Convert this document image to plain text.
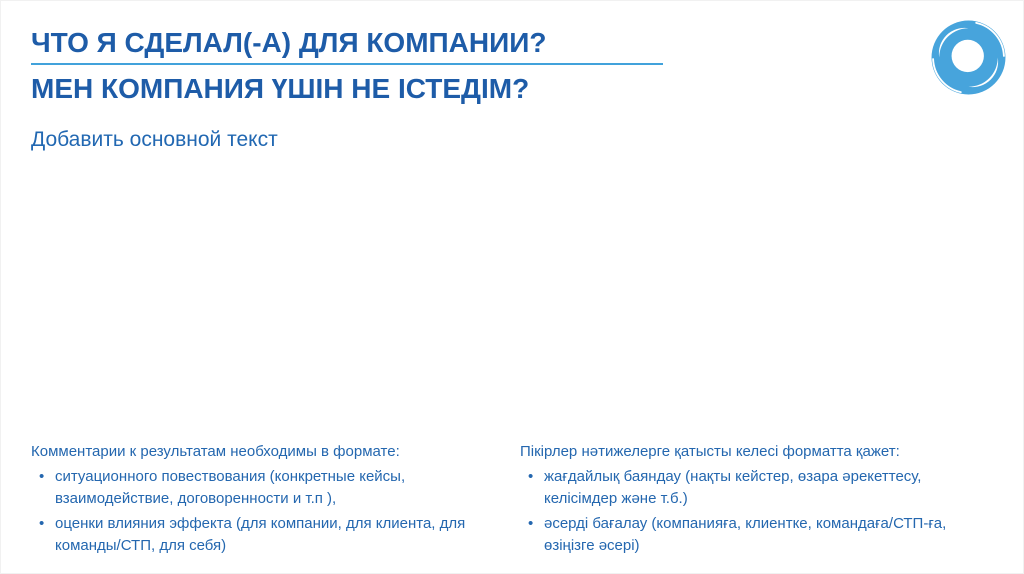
ЧТО Я СДЕЛАЛ(-А) ДЛЯ КОМПАНИИ?
МЕН КОМПАНИЯ ҮШІН НЕ ІСТЕДІМ?

Добавить основной текст

Комментарии к результатам необходимы в формате:

• ситуационного повествования (конкретные кейсы, взаимодействие, договоренности и т.п ),
• оценки влияния эффекта (для компании, для клиента, для команды/СТП, для себя)

Пікірлер нәтижелерге қатысты келесі форматта қажет:

• жағдайлық баяндау (нақты кейстер, өзара әрекеттесу, келісімдер және т.б.)
• әсерді бағалау (компанияға, клиентке, командаға/СТП-ға, өзіңізге әсері)
